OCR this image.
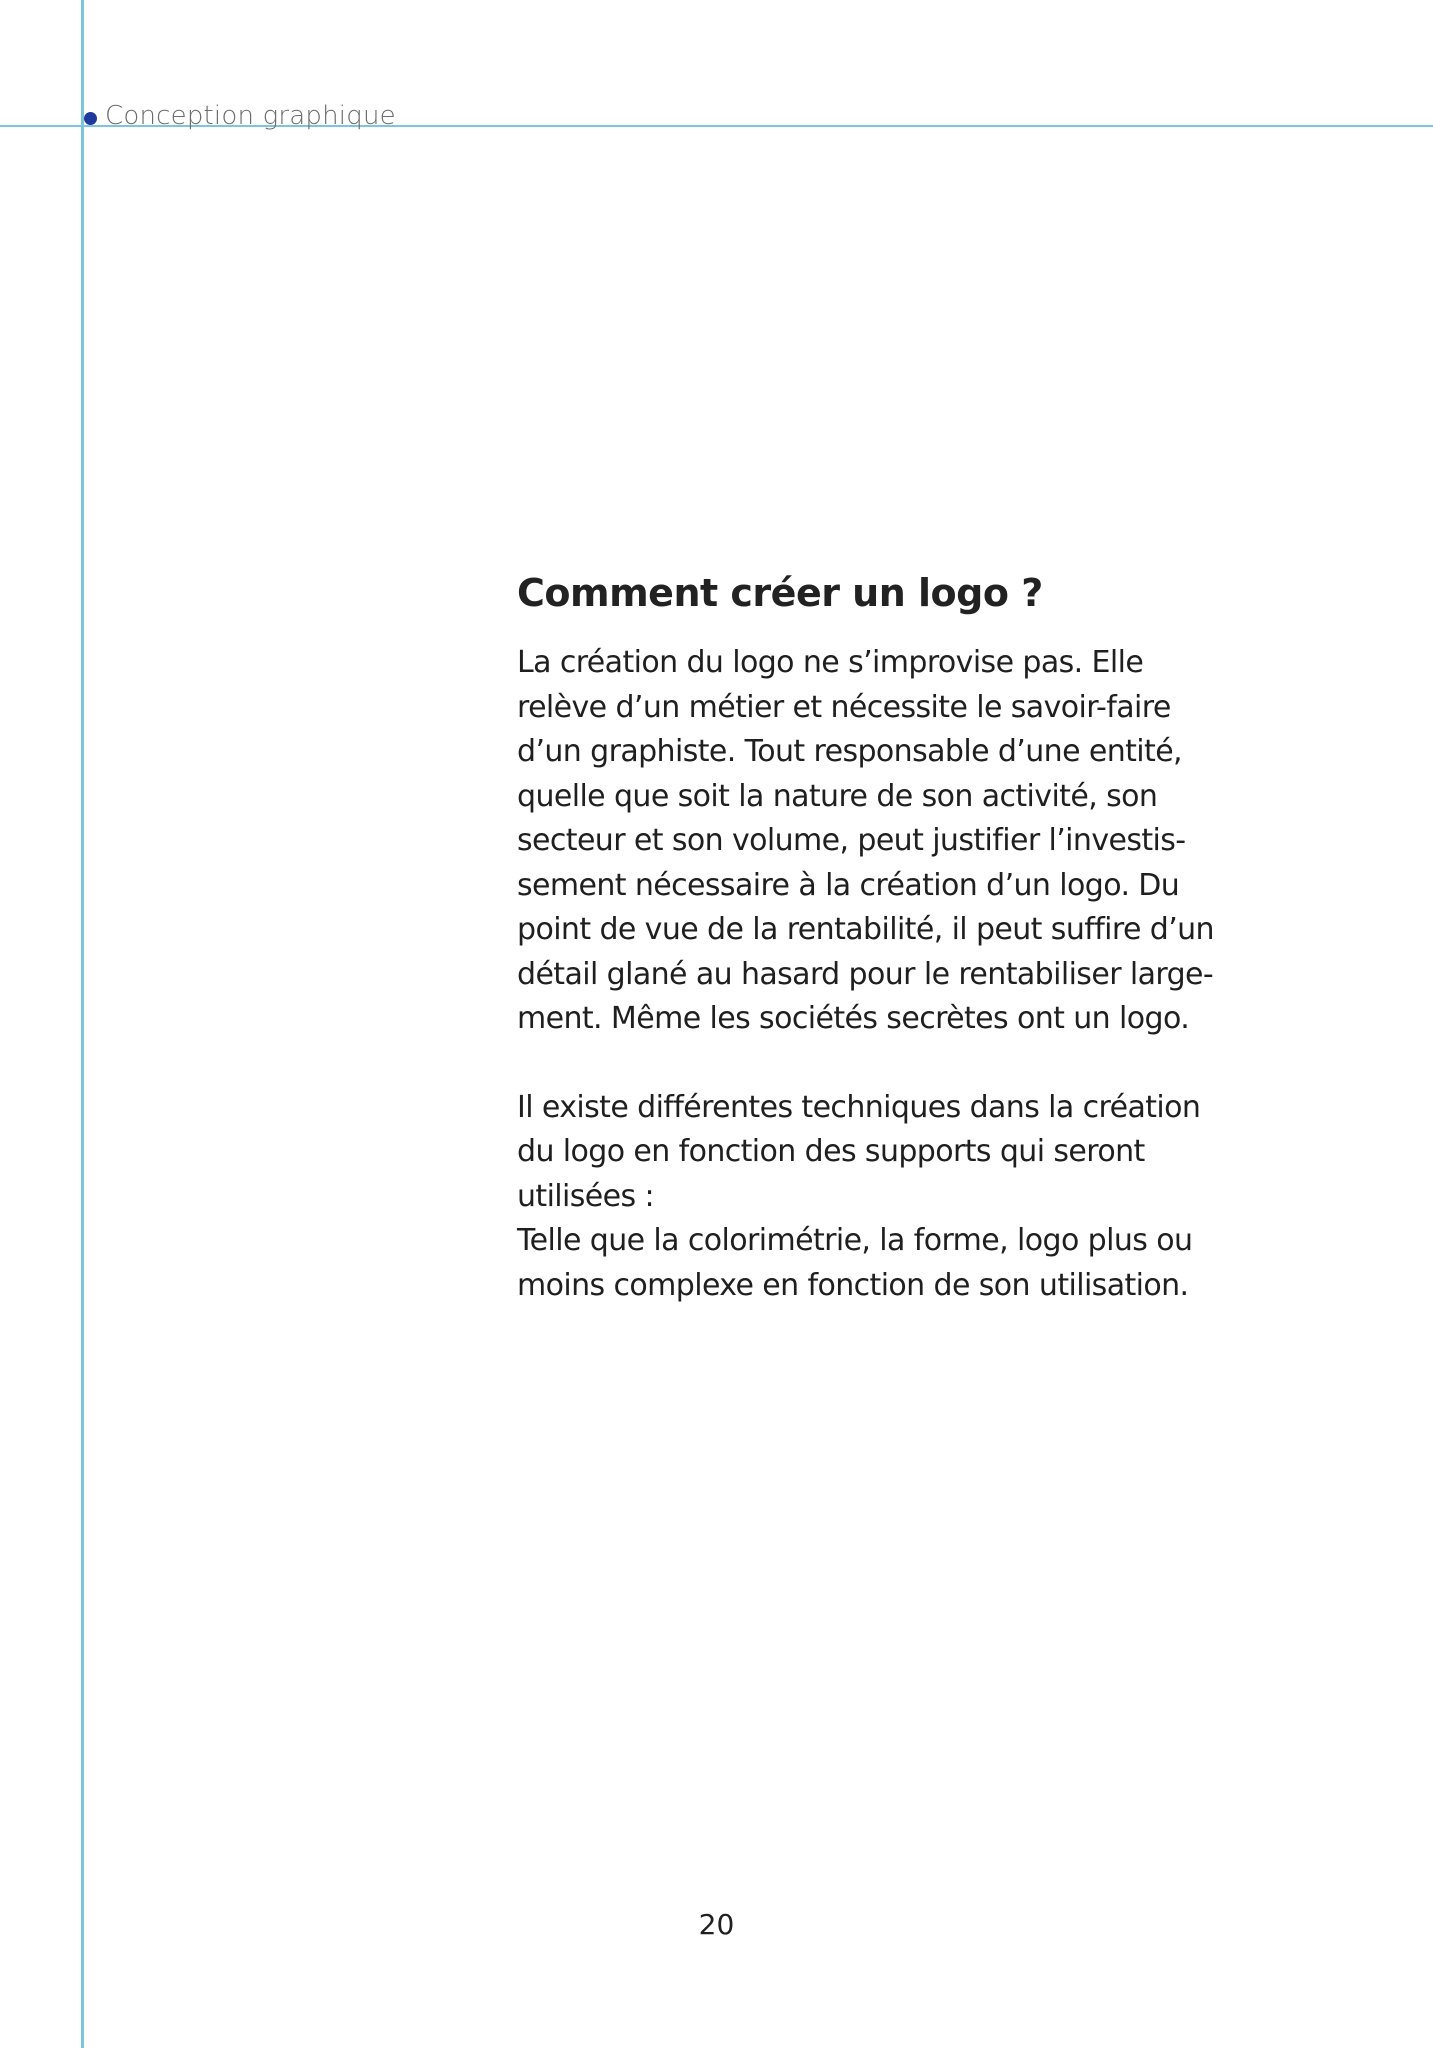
Conception graphique
Comment créer un logo ?

La création du logo ne s’improvise pas. Elle
relève d’un métier et nécessite le savoir-faire
d’un graphiste. Tout responsable d’une entité,
quelle que soit la nature de son activité, son
secteur et son volume, peut justifier l’investis-
sement nécessaire à la création d’un logo. Du
point de vue de la rentabilité, il peut suffire d’un
détail glané au hasard pour le rentabiliser large-
ment. Même les sociétés secrètes ont un logo.

Il existe différentes techniques dans la création
du logo en fonction des supports qui seront
utilisées :
Telle que la colorimétrie, la forme, logo plus ou
moins complexe en fonction de son utilisation.

20
